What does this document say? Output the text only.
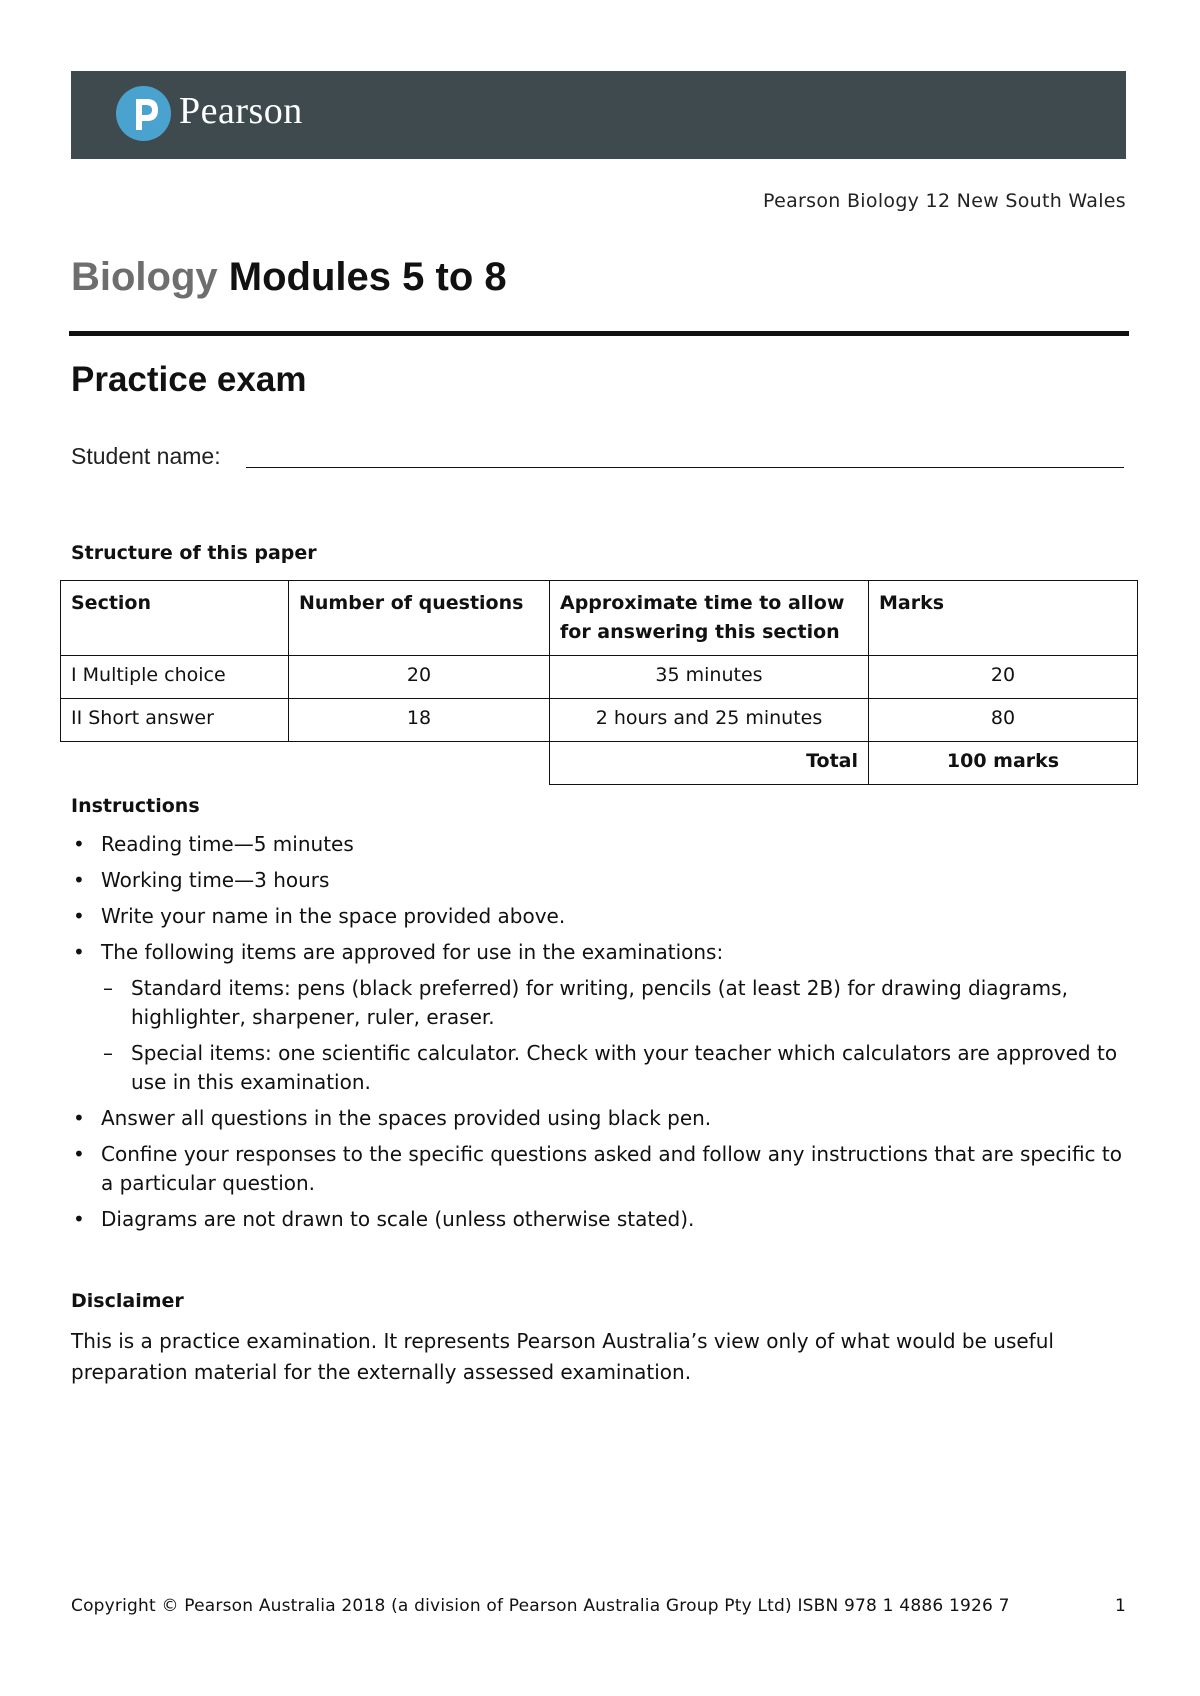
Pearson
Pearson Biology 12 New South Wales
Biology Modules 5 to 8
Practice exam
Student name:
Structure of this paper
Section	Number of questions	Approximate time to allow for answering this section	Marks
I Multiple choice	20	35 minutes	20
II Short answer	18	2 hours and 25 minutes	80
		Total	100 marks
Instructions
• Reading time—5 minutes
• Working time—3 hours
• Write your name in the space provided above.
• The following items are approved for use in the examinations:
– Standard items: pens (black preferred) for writing, pencils (at least 2B) for drawing diagrams, highlighter, sharpener, ruler, eraser.
– Special items: one scientific calculator. Check with your teacher which calculators are approved to use in this examination.
• Answer all questions in the spaces provided using black pen.
• Confine your responses to the specific questions asked and follow any instructions that are specific to a particular question.
• Diagrams are not drawn to scale (unless otherwise stated).
Disclaimer
This is a practice examination. It represents Pearson Australia’s view only of what would be useful preparation material for the externally assessed examination.
Copyright © Pearson Australia 2018 (a division of Pearson Australia Group Pty Ltd) ISBN 978 1 4886 1926 7	1
